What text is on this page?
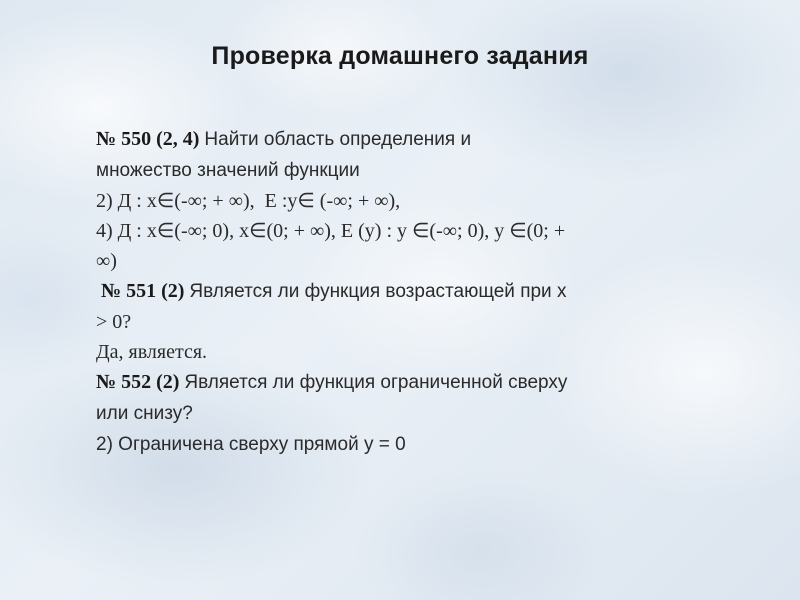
Проверка домашнего задания

№ 550 (2, 4) Найти область определения и

множество значений функции

2) Д : х∈(-∞; + ∞),  Е :у∈ (-∞; + ∞),

4) Д : х∈(-∞; 0), х∈(0; + ∞), Е (у) : у ∈(-∞; 0), у ∈(0; +

∞)

№ 551 (2) Является ли функция возрастающей при х

> 0?

Да, является.

№ 552 (2) Является ли функция ограниченной сверху

или снизу?

2) Ограничена сверху прямой у = 0
